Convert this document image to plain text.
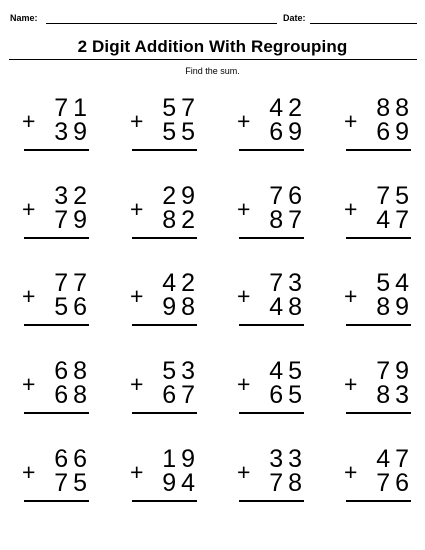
Name:	Date:
2 Digit Addition With Regrouping
Find the sum.
+ 71
39 + 57
55 + 42
69 + 88
69
+ 32
79 + 29
82 + 76
87 + 75
47
+ 77
56 + 42
98 + 73
48 + 54
89
+ 68
68 + 53
67 + 45
65 + 79
83
+ 66
75 + 19
94 + 33
78 + 47
76
